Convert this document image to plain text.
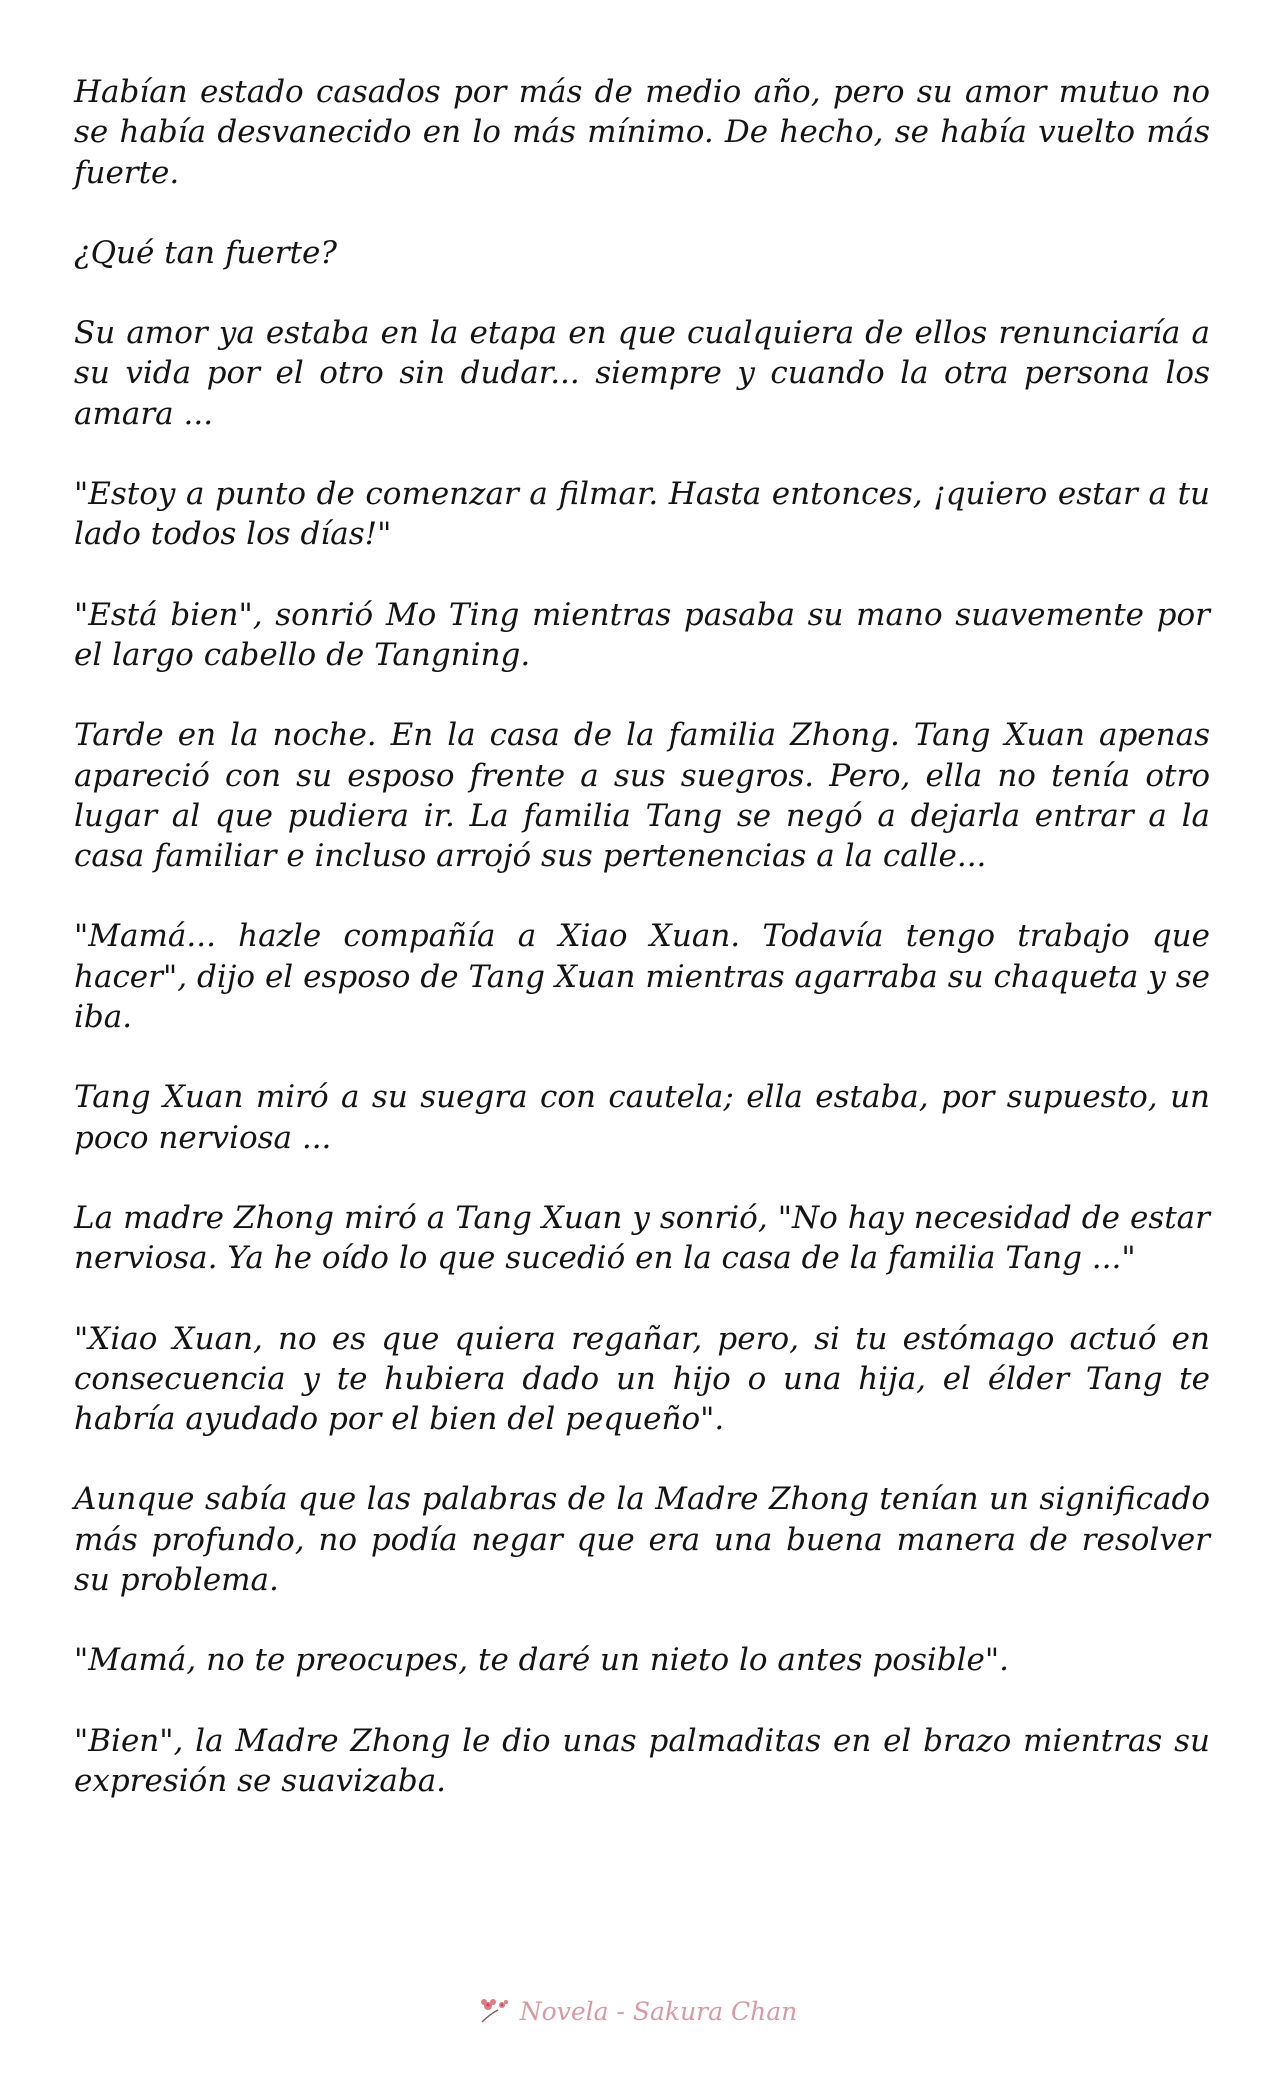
Habían estado casados por más de medio año, pero su amor mutuo no se había desvanecido en lo más mínimo. De hecho, se había vuelto más fuerte.

¿Qué tan fuerte?

Su amor ya estaba en la etapa en que cualquiera de ellos renunciaría a su vida por el otro sin dudar... siempre y cuando la otra persona los amara ...

"Estoy a punto de comenzar a filmar. Hasta entonces, ¡quiero estar a tu lado todos los días!"

"Está bien", sonrió Mo Ting mientras pasaba su mano suavemente por el largo cabello de Tangning.

Tarde en la noche. En la casa de la familia Zhong. Tang Xuan apenas apareció con su esposo frente a sus suegros. Pero, ella no tenía otro lugar al que pudiera ir. La familia Tang se negó a dejarla entrar a la casa familiar e incluso arrojó sus pertenencias a la calle...

"Mamá... hazle compañía a Xiao Xuan. Todavía tengo trabajo que hacer", dijo el esposo de Tang Xuan mientras agarraba su chaqueta y se iba.

Tang Xuan miró a su suegra con cautela; ella estaba, por supuesto, un poco nerviosa ...

La madre Zhong miró a Tang Xuan y sonrió, "No hay necesidad de estar nerviosa. Ya he oído lo que sucedió en la casa de la familia Tang ..."

"Xiao Xuan, no es que quiera regañar, pero, si tu estómago actuó en consecuencia y te hubiera dado un hijo o una hija, el élder Tang te habría ayudado por el bien del pequeño".

Aunque sabía que las palabras de la Madre Zhong tenían un significado más profundo, no podía negar que era una buena manera de resolver su problema.

"Mamá, no te preocupes, te daré un nieto lo antes posible".

"Bien", la Madre Zhong le dio unas palmaditas en el brazo mientras su expresión se suavizaba.

Novela - Sakura Chan
